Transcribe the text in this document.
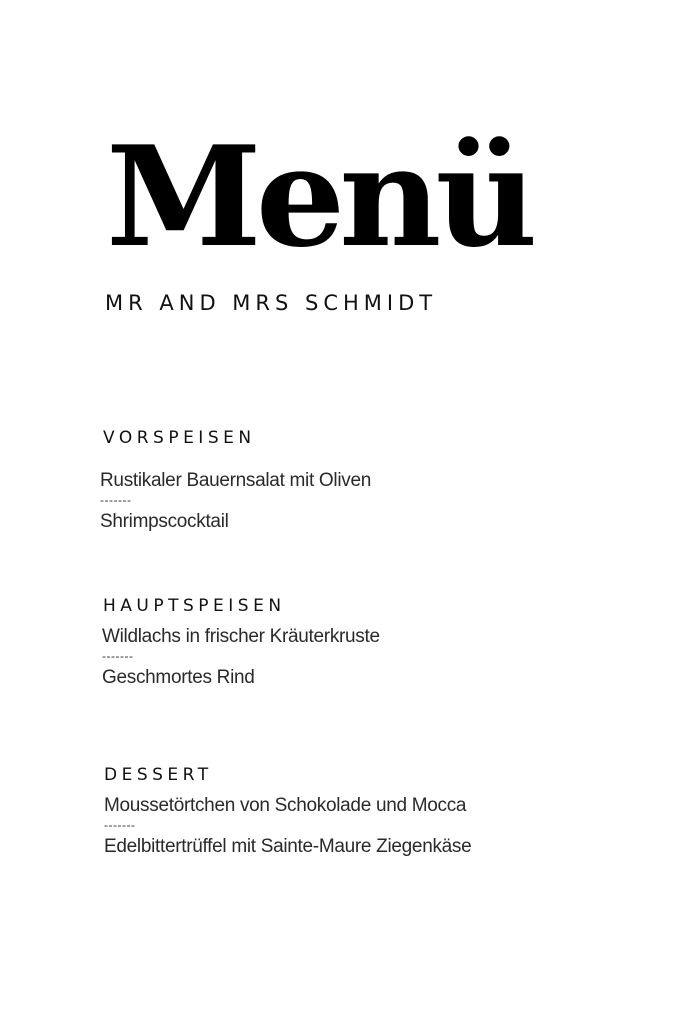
Menü

MR AND MRS SCHMIDT

VORSPEISEN

Rustikaler Bauernsalat mit Oliven

-------

Shrimpscocktail

HAUPTSPEISEN

Wildlachs in frischer Kräuterkruste

-------

Geschmortes Rind

DESSERT

Moussetörtchen von Schokolade und Mocca

-------

Edelbittertrüffel mit Sainte-Maure Ziegenkäse
